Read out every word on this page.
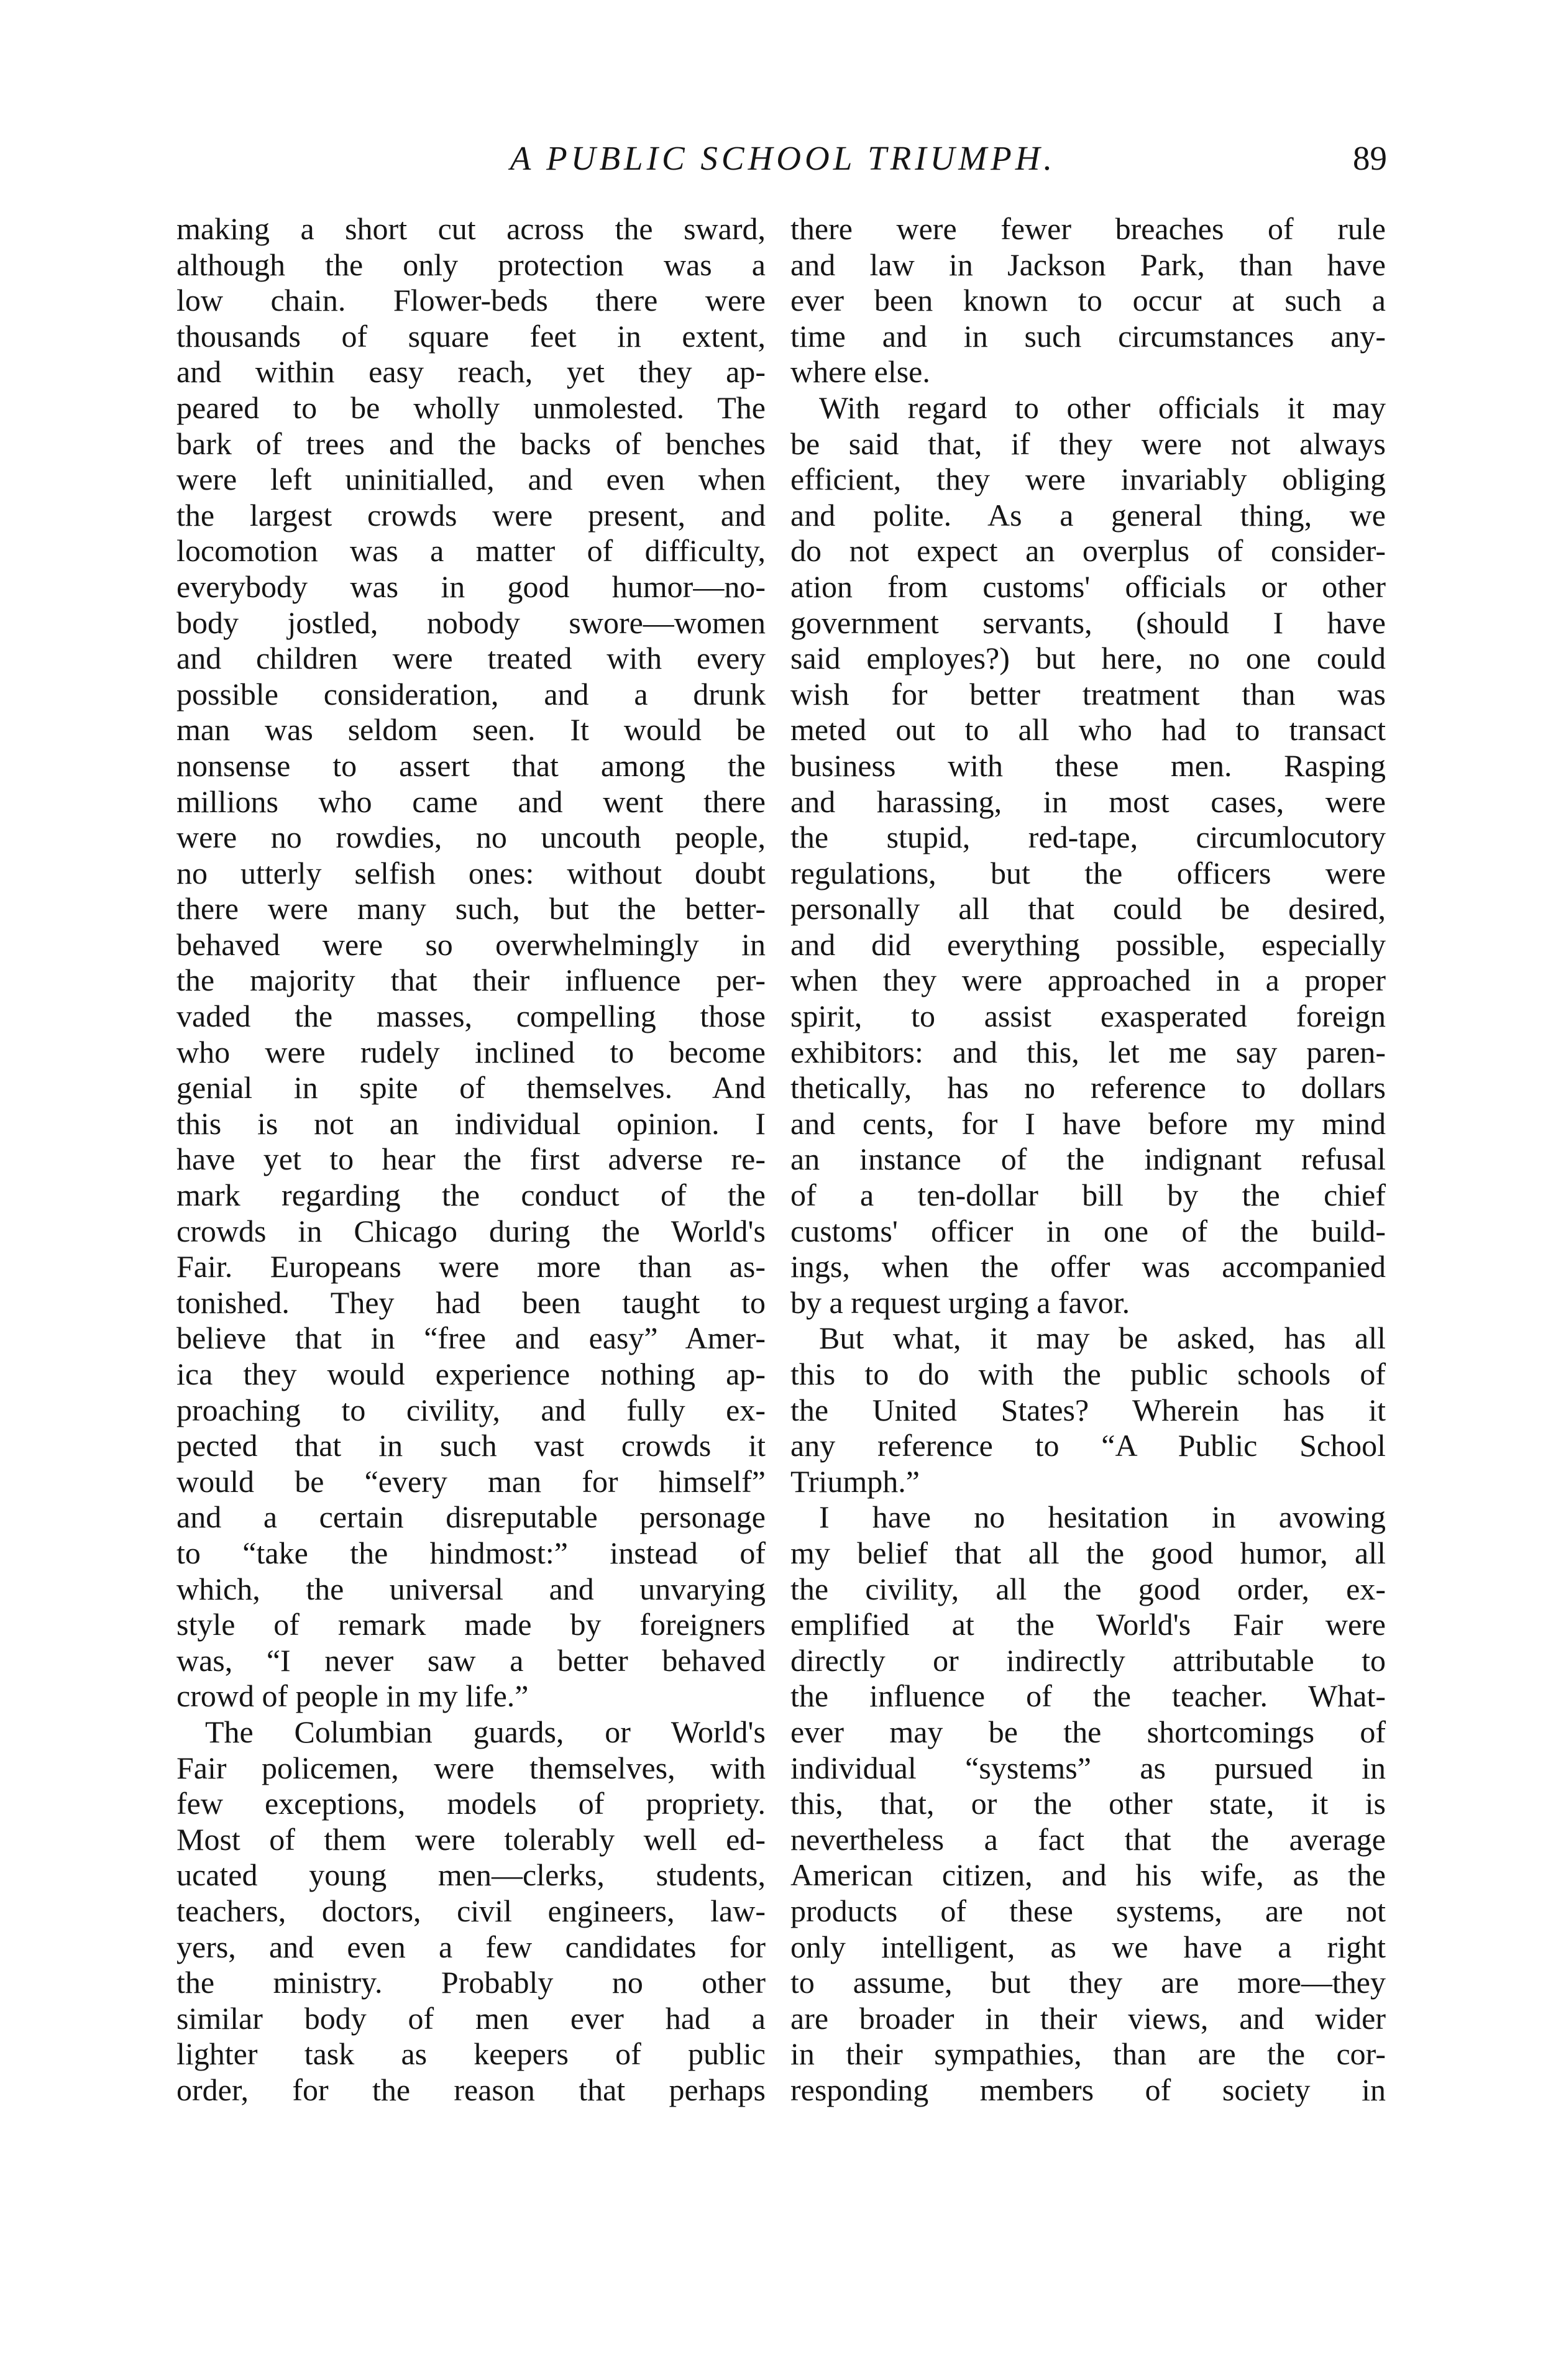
A PUBLIC SCHOOL TRIUMPH.	89
making a short cut across the sward,
although the only protection was a
low chain. Flower-beds there were
thousands of square feet in extent,
and within easy reach, yet they ap-
peared to be wholly unmolested. The
bark of trees and the backs of benches
were left uninitialled, and even when
the largest crowds were present, and
locomotion was a matter of difficulty,
everybody was in good humor—no-
body jostled, nobody swore—women
and children were treated with every
possible consideration, and a drunk
man was seldom seen. It would be
nonsense to assert that among the
millions who came and went there
were no rowdies, no uncouth people,
no utterly selfish ones: without doubt
there were many such, but the better-
behaved were so overwhelmingly in
the majority that their influence per-
vaded the masses, compelling those
who were rudely inclined to become
genial in spite of themselves. And
this is not an individual opinion. I
have yet to hear the first adverse re-
mark regarding the conduct of the
crowds in Chicago during the World's
Fair. Europeans were more than as-
tonished. They had been taught to
believe that in “free and easy” Amer-
ica they would experience nothing ap-
proaching to civility, and fully ex-
pected that in such vast crowds it
would be “every man for himself”
and a certain disreputable personage
to “take the hindmost:” instead of
which, the universal and unvarying
style of remark made by foreigners
was, “I never saw a better behaved
crowd of people in my life.”
The Columbian guards, or World's
Fair policemen, were themselves, with
few exceptions, models of propriety.
Most of them were tolerably well ed-
ucated young men—clerks, students,
teachers, doctors, civil engineers, law-
yers, and even a few candidates for
the ministry. Probably no other
similar body of men ever had a
lighter task as keepers of public
order, for the reason that perhaps
there were fewer breaches of rule
and law in Jackson Park, than have
ever been known to occur at such a
time and in such circumstances any-
where else.
With regard to other officials it may
be said that, if they were not always
efficient, they were invariably obliging
and polite. As a general thing, we
do not expect an overplus of consider-
ation from customs' officials or other
government servants, (should I have
said employes?) but here, no one could
wish for better treatment than was
meted out to all who had to transact
business with these men. Rasping
and harassing, in most cases, were
the stupid, red-tape, circumlocutory
regulations, but the officers were
personally all that could be desired,
and did everything possible, especially
when they were approached in a proper
spirit, to assist exasperated foreign
exhibitors: and this, let me say paren-
thetically, has no reference to dollars
and cents, for I have before my mind
an instance of the indignant refusal
of a ten-dollar bill by the chief
customs' officer in one of the build-
ings, when the offer was accompanied
by a request urging a favor.
But what, it may be asked, has all
this to do with the public schools of
the United States? Wherein has it
any reference to “A Public School
Triumph.”
I have no hesitation in avowing
my belief that all the good humor, all
the civility, all the good order, ex-
emplified at the World's Fair were
directly or indirectly attributable to
the influence of the teacher. What-
ever may be the shortcomings of
individual “systems” as pursued in
this, that, or the other state, it is
nevertheless a fact that the average
American citizen, and his wife, as the
products of these systems, are not
only intelligent, as we have a right
to assume, but they are more—they
are broader in their views, and wider
in their sympathies, than are the cor-
responding members of society in
